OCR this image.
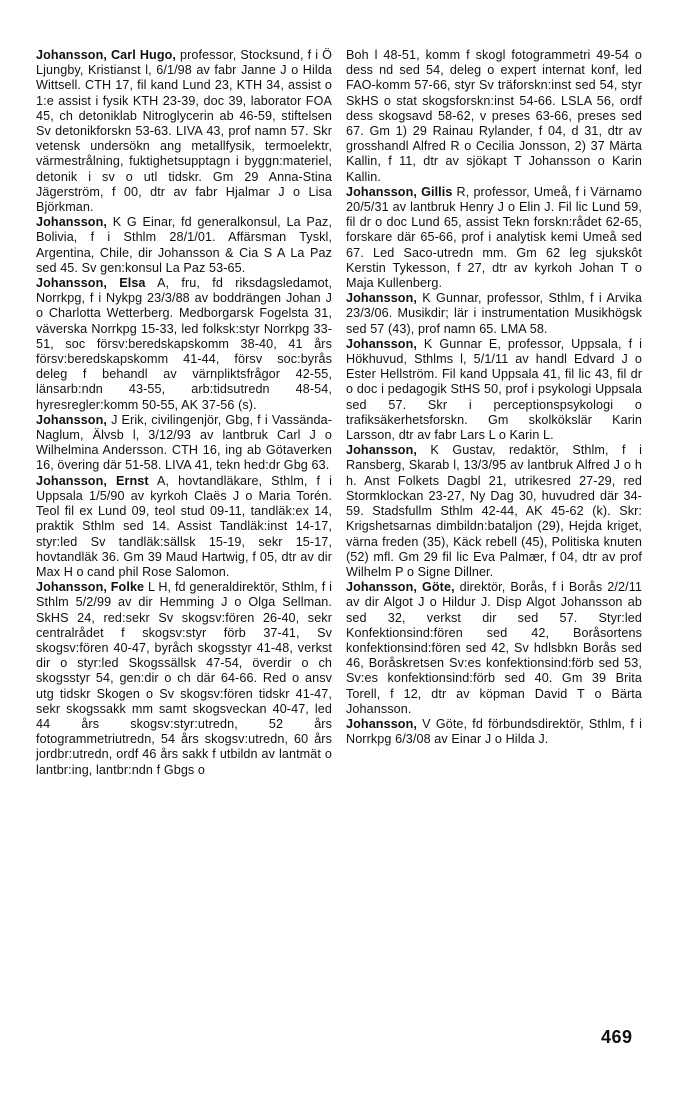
Johansson, Carl Hugo, professor, Stocksund, f i Ö Ljungby, Kristianst l, 6/1/98 av fabr Janne J o Hilda Wittsell. CTH 17, fil kand Lund 23, KTH 34, assist o 1:e assist i fysik KTH 23-39, doc 39, laborator FOA 45, ch detoniklab Nitroglycerin ab 46-59, stiftelsen Sv detonikforskn 53-63. LIVA 43, prof namn 57. Skr vetensk undersökn ang metallfysik, termoelektr, värmestrålning, fuktighetsupptagn i byggn:materiel, detonik i sv o utl tidskr. Gm 29 Anna-Stina Jägerström, f 00, dtr av fabr Hjalmar J o Lisa Björkman.

Johansson, K G Einar, fd generalkonsul, La Paz, Bolivia, f i Sthlm 28/1/01. Affärsman Tyskl, Argentina, Chile, dir Johansson & Cia S A La Paz sed 45. Sv gen:konsul La Paz 53-65.

Johansson, Elsa A, fru, fd riksdagsledamot, Norrkpg, f i Nykpg 23/3/88 av boddrängen Johan J o Charlotta Wetterberg. Medborgarsk Fogelsta 31, väverska Norrkpg 15-33, led folksk:styr Norrkpg 33-51, soc försv:beredskapskomm 38-40, 41 års försv:beredskapskomm 41-44, försv soc:byrås deleg f behandl av värnpliktsfrågor 42-55, länsarb:ndn 43-55, arb:tidsutredn 48-54, hyresregler:komm 50-55, AK 37-56 (s).

Johansson, J Erik, civilingenjör, Gbg, f i Vassända-Naglum, Älvsb l, 3/12/93 av lantbruk Carl J o Wilhelmina Andersson. CTH 16, ing ab Götaverken 16, övering där 51-58. LIVA 41, tekn hed:dr Gbg 63.

Johansson, Ernst A, hovtandläkare, Sthlm, f i Uppsala 1/5/90 av kyrkoh Claës J o Maria Torén. Teol fil ex Lund 09, teol stud 09-11, tandläk:ex 14, praktik Sthlm sed 14. Assist Tandläk:inst 14-17, styr:led Sv tandläk:sällsk 15-19, sekr 15-17, hovtandläk 36. Gm 39 Maud Hartwig, f 05, dtr av dir Max H o cand phil Rose Salomon.

Johansson, Folke L H, fd generaldirektör, Sthlm, f i Sthlm 5/2/99 av dir Hemming J o Olga Sellman. SkHS 24, red:sekr Sv skogsv:fören 26-40, sekr centralrådet f skogsv:styr förb 37-41, Sv skogsv:fören 40-47, byråch skogsstyr 41-48, verkst dir o styr:led Skogssällsk 47-54, överdir o ch skogsstyr 54, gen:dir o ch där 64-66. Red o ansv utg tidskr Skogen o Sv skogsv:fören tidskr 41-47, sekr skogssakk mm samt skogsveckan 40-47, led 44 års skogsv:styr:utredn, 52 års fotogrammetriutredn, 54 års skogsv:utredn, 60 års jordbr:utredn, ordf 46 års sakk f utbildn av lantmät o lantbr:ing, lantbr:ndn f Gbgs o

Boh l 48-51, komm f skogl fotogrammetri 49-54 o dess nd sed 54, deleg o expert internat konf, led FAO-komm 57-66, styr Sv träforskn:inst sed 54, styr SkHS o stat skogsforskn:inst 54-66. LSLA 56, ordf dess skogsavd 58-62, v preses 63-66, preses sed 67. Gm 1) 29 Rainau Rylander, f 04, d 31, dtr av grosshandl Alfred R o Cecilia Jonsson, 2) 37 Märta Kallin, f 11, dtr av sjökapt T Johansson o Karin Kallin.

Johansson, Gillis R, professor, Umeå, f i Värnamo 20/5/31 av lantbruk Henry J o Elin J. Fil lic Lund 59, fil dr o doc Lund 65, assist Tekn forskn:rådet 62-65, forskare där 65-66, prof i analytisk kemi Umeå sed 67. Led Saco-utredn mm. Gm 62 leg sjukskôt Kerstin Tykesson, f 27, dtr av kyrkoh Johan T o Maja Kullenberg.

Johansson, K Gunnar, professor, Sthlm, f i Arvika 23/3/06. Musikdir; lär i instrumentation Musikhögsk sed 57 (43), prof namn 65. LMA 58.

Johansson, K Gunnar E, professor, Uppsala, f i Hökhuvud, Sthlms l, 5/1/11 av handl Edvard J o Ester Hellström. Fil kand Uppsala 41, fil lic 43, fil dr o doc i pedagogik StHS 50, prof i psykologi Uppsala sed 57. Skr i perceptionspsykologi o trafiksäkerhetsforskn. Gm skolkökslär Karin Larsson, dtr av fabr Lars L o Karin L.

Johansson, K Gustav, redaktör, Sthlm, f i Ransberg, Skarab l, 13/3/95 av lantbruk Alfred J o h h. Anst Folkets Dagbl 21, utrikesred 27-29, red Stormklockan 23-27, Ny Dag 30, huvudred där 34-59. Stadsfullm Sthlm 42-44, AK 45-62 (k). Skr: Krigshetsarnas dimbildn:bataljon (29), Hejda kriget, värna freden (35), Käck rebell (45), Politiska knuten (52) mfl. Gm 29 fil lic Eva Palmær, f 04, dtr av prof Wilhelm P o Signe Dillner.

Johansson, Göte, direktör, Borås, f i Borås 2/2/11 av dir Algot J o Hildur J. Disp Algot Johansson ab sed 32, verkst dir sed 57. Styr:led Konfektionsind:fören sed 42, Boråsortens konfektionsind:fören sed 42, Sv hdlsbkn Borås sed 46, Boråskretsen Sv:es konfektionsind:förb sed 53, Sv:es konfektionsind:förb sed 40. Gm 39 Brita Torell, f 12, dtr av köpman David T o Bärta Johansson.

Johansson, V Göte, fd förbundsdirektör, Sthlm, f i Norrkpg 6/3/08 av Einar J o Hilda J.

469
